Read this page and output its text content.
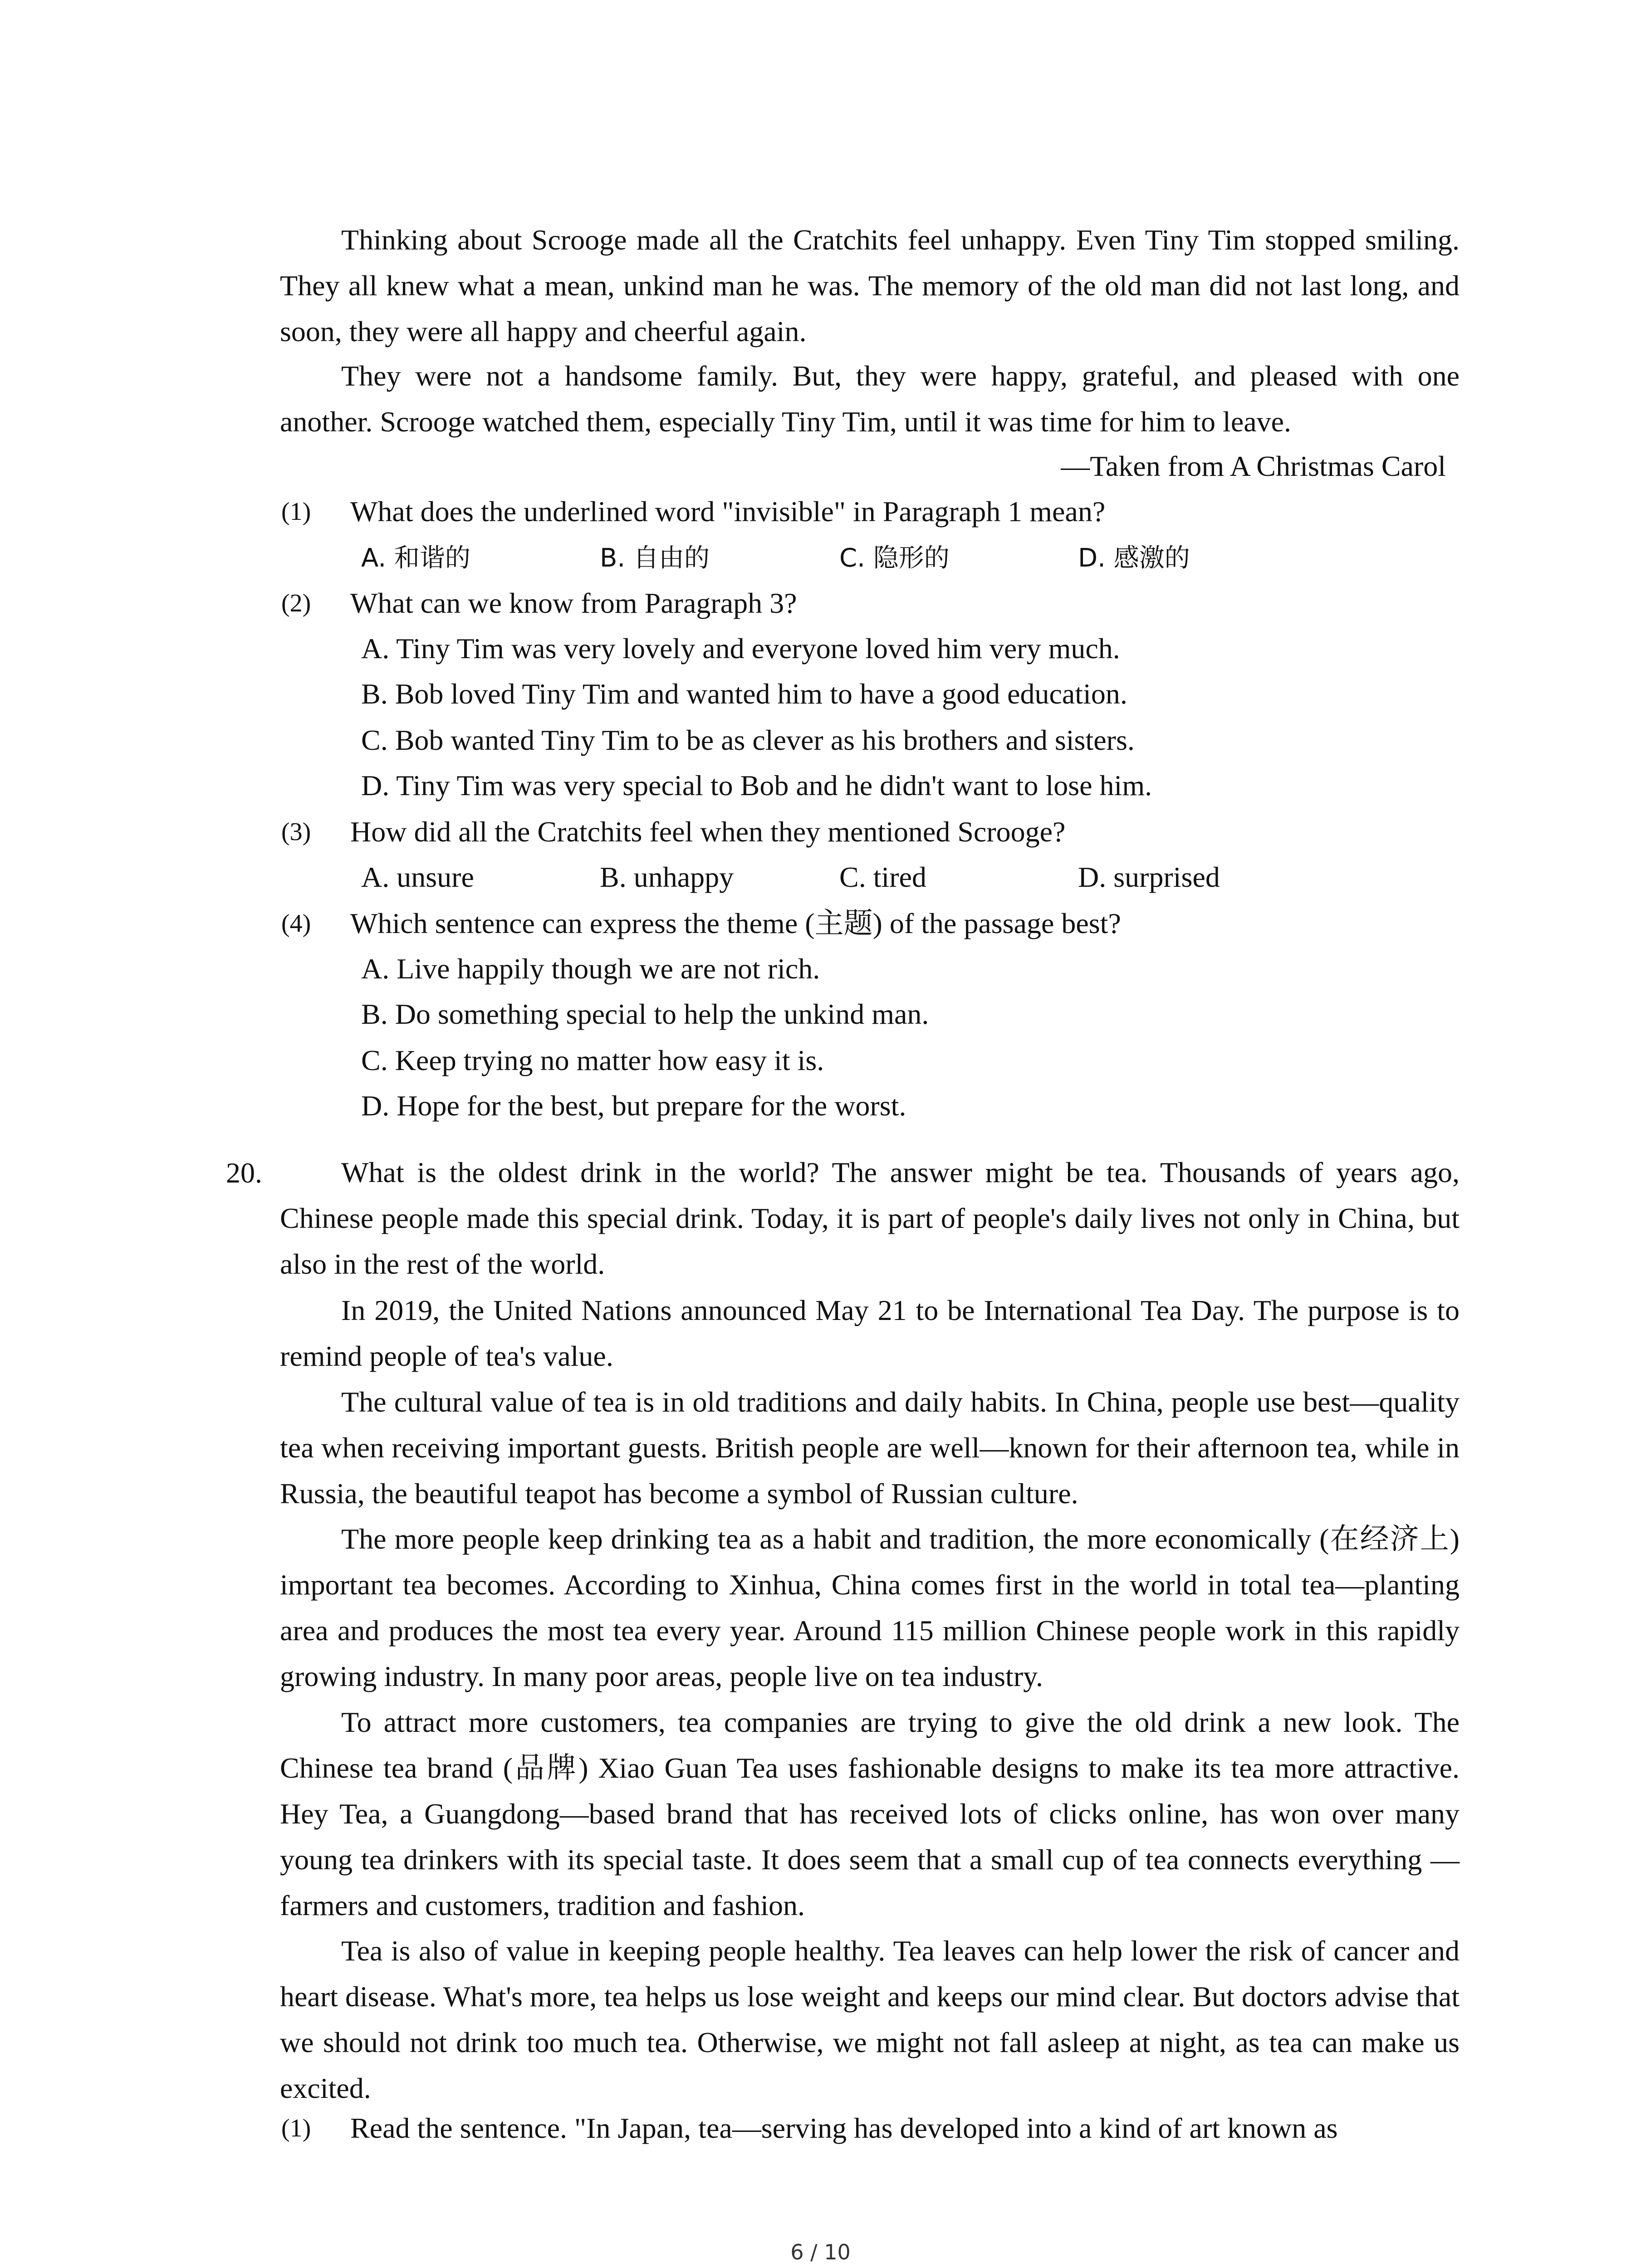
Thinking about Scrooge made all the Cratchits feel unhappy. Even Tiny Tim stopped smiling. They all knew what a mean, unkind man he was. The memory of the old man did not last long, and soon, they were all happy and cheerful again.

They were not a handsome family. But, they were happy, grateful, and pleased with one another. Scrooge watched them, especially Tiny Tim, until it was time for him to leave.

—Taken from A Christmas Carol
(1) What does the underlined word "invisible" in Paragraph 1 mean?
A. 和谐的	B. 自由的	C. 隐形的	D. 感激的
(2) What can we know from Paragraph 3?
A. Tiny Tim was very lovely and everyone loved him very much.
B. Bob loved Tiny Tim and wanted him to have a good education.
C. Bob wanted Tiny Tim to be as clever as his brothers and sisters.
D. Tiny Tim was very special to Bob and he didn't want to lose him.
(3) How did all the Cratchits feel when they mentioned Scrooge?
A. unsure	B. unhappy	C. tired	D. surprised
(4) Which sentence can express the theme (主题) of the passage best?
A. Live happily though we are not rich.
B. Do something special to help the unkind man.
C. Keep trying no matter how easy it is.
D. Hope for the best, but prepare for the worst.
20.	What is the oldest drink in the world? The answer might be tea. Thousands of years ago, Chinese people made this special drink. Today, it is part of people's daily lives not only in China, but also in the rest of the world.

In 2019, the United Nations announced May 21 to be International Tea Day. The purpose is to remind people of tea's value.

The cultural value of tea is in old traditions and daily habits. In China, people use best—quality tea when receiving important guests. British people are well—known for their afternoon tea, while in Russia, the beautiful teapot has become a symbol of Russian culture.

The more people keep drinking tea as a habit and tradition, the more economically (在经济上) important tea becomes. According to Xinhua, China comes first in the world in total tea—planting area and produces the most tea every year. Around 115 million Chinese people work in this rapidly growing industry. In many poor areas, people live on tea industry.

To attract more customers, tea companies are trying to give the old drink a new look. The Chinese tea brand (品牌) Xiao Guan Tea uses fashionable designs to make its tea more attractive. Hey Tea, a Guangdong—based brand that has received lots of clicks online, has won over many young tea drinkers with its special taste. It does seem that a small cup of tea connects everything — farmers and customers, tradition and fashion.

Tea is also of value in keeping people healthy. Tea leaves can help lower the risk of cancer and heart disease. What's more, tea helps us lose weight and keeps our mind clear. But doctors advise that we should not drink too much tea. Otherwise, we might not fall asleep at night, as tea can make us excited.

(1) Read the sentence. "In Japan, tea—serving has developed into a kind of art known as
6 / 10
